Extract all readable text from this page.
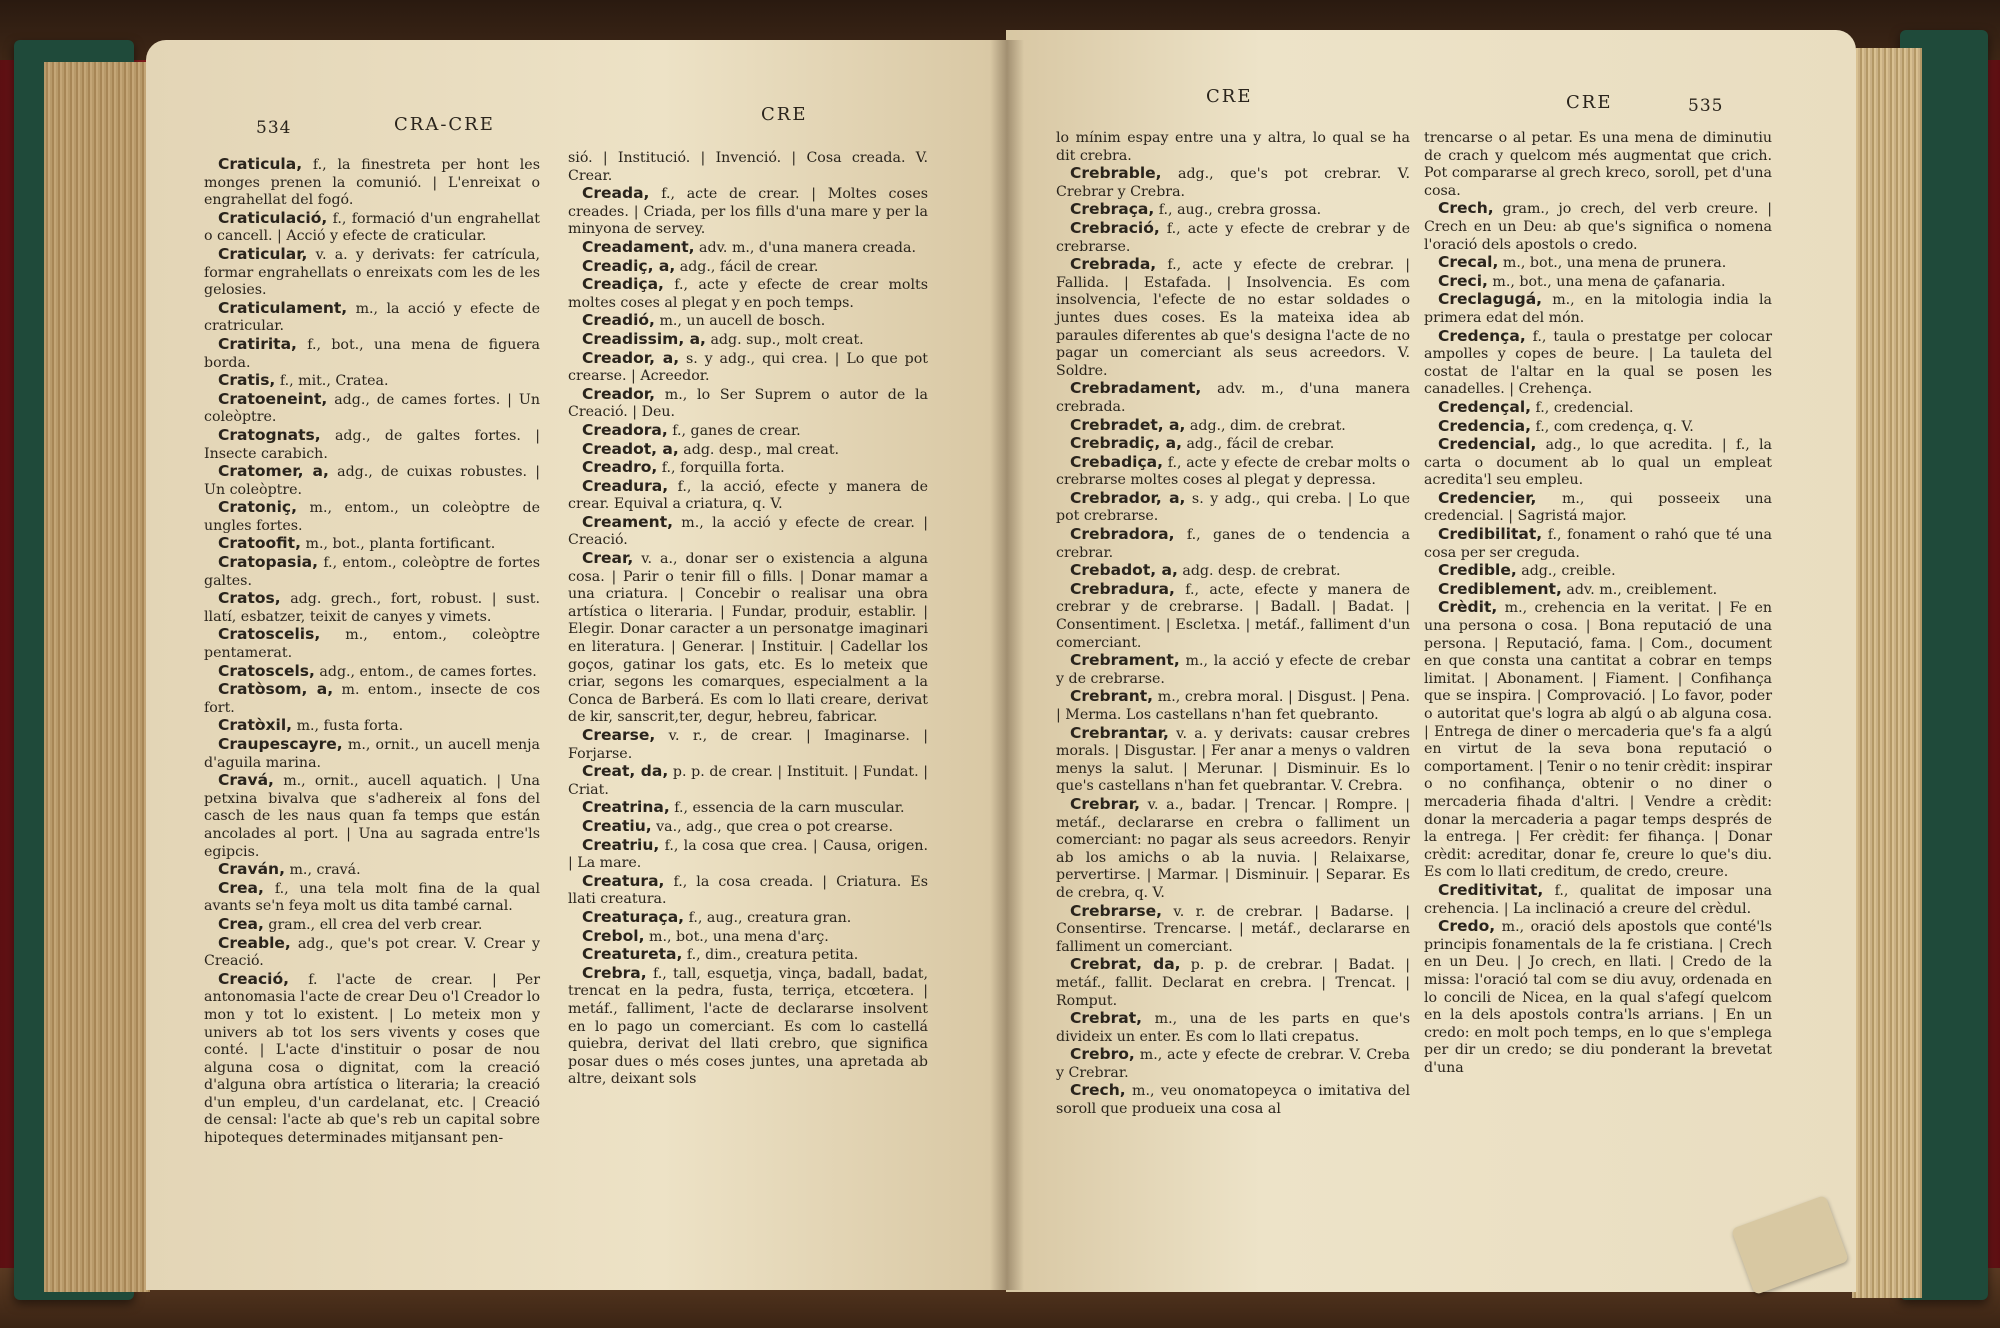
534	CRA-CRE	CRE

Craticula, f., la finestreta per hont les monges prenen la comunió. | L'enreixat o engrahellat del fogó.

Craticulació, f., formació d'un engrahellat o cancell. | Acció y efecte de craticular.

Craticular, v. a. y derivats: fer catrícula, formar engrahellats o enreixats com les de les gelosies.

Craticulament, m., la acció y efecte de cratricular.

Cratirita, f., bot., una mena de figuera borda.

Cratis, f., mit., Cratea.

Cratoeneint, adg., de cames fortes. | Un coleòptre.

Cratognats, adg., de galtes fortes. | Insecte carabich.

Cratomer, a, adg., de cuixas robustes. | Un coleòptre.

Cratoniç, m., entom., un coleòptre de ungles fortes.

Cratoofit, m., bot., planta fortificant.

Cratopasia, f., entom., coleòptre de fortes galtes.

Cratos, adg. grech., fort, robust. | sust. llatí, esbatzer, teixit de canyes y vimets.

Cratoscelis, m., entom., coleòptre pentamerat.

Cratoscels, adg., entom., de cames fortes.

Cratòsom, a, m. entom., insecte de cos fort.

Cratòxil, m., fusta forta.

Craupescayre, m., ornit., un aucell menja d'aguila marina.

Cravá, m., ornit., aucell aquatich. | Una petxina bivalva que s'adhereix al fons del casch de les naus quan fa temps que están ancolades al port. | Una au sagrada entre'ls egipcis.

Craván, m., cravá.

Crea, f., una tela molt fina de la qual avants se'n feya molt us dita també carnal.

Crea, gram., ell crea del verb crear.

Creable, adg., que's pot crear. V. Crear y Creació.

Creació, f. l'acte de crear. | Per antonomasia l'acte de crear Deu o'l Creador lo mon y tot lo existent. | Lo meteix mon y univers ab tot los sers vivents y coses que conté. | L'acte d'instituir o posar de nou alguna cosa o dignitat, com la creació d'alguna obra artística o literaria; la creació d'un empleu, d'un cardelanat, etc. | Creació de censal: l'acte ab que's reb un capital sobre hipoteques determinades mitjansant pen-

sió. | Institució. | Invenció. | Cosa creada. V. Crear.

Creada, f., acte de crear. | Moltes coses creades. | Criada, per los fills d'una mare y per la minyona de servey.

Creadament, adv. m., d'una manera creada.

Creadiç, a, adg., fácil de crear.

Creadiça, f., acte y efecte de crear molts moltes coses al plegat y en poch temps.

Creadió, m., un aucell de bosch.

Creadissim, a, adg. sup., molt creat.

Creador, a, s. y adg., qui crea. | Lo que pot crearse. | Acreedor.

Creador, m., lo Ser Suprem o autor de la Creació. | Deu.

Creadora, f., ganes de crear.

Creadot, a, adg. desp., mal creat.

Creadro, f., forquilla forta.

Creadura, f., la acció, efecte y manera de crear. Equival a criatura, q. V.

Creament, m., la acció y efecte de crear. | Creació.

Crear, v. a., donar ser o existencia a alguna cosa. | Parir o tenir fill o fills. | Donar mamar a una criatura. | Concebir o realisar una obra artística o literaria. | Fundar, produir, establir. | Elegir. Donar caracter a un personatge imaginari en literatura. | Generar. | Instituir. | Cadellar los goços, gatinar los gats, etc. Es lo meteix que criar, segons les comarques, especialment a la Conca de Barberá. Es com lo llati creare, derivat de kir, sanscrit,ter, degur, hebreu, fabricar.

Crearse, v. r., de crear. | Imaginarse. | Forjarse.

Creat, da, p. p. de crear. | Instituit. | Fundat. | Criat.

Creatrina, f., essencia de la carn muscular.

Creatiu, va., adg., que crea o pot crearse.

Creatriu, f., la cosa que crea. | Causa, origen. | La mare.

Creatura, f., la cosa creada. | Criatura. Es llati creatura.

Creaturaça, f., aug., creatura gran.

Crebol, m., bot., una mena d'arç.

Creatureta, f., dim., creatura petita.

Crebra, f., tall, esquetja, vinça, badall, badat, trencat en la pedra, fusta, terriça, etcœtera. | metáf., falliment, l'acte de declararse insolvent en lo pago un comerciant. Es com lo castellá quiebra, derivat del llati crebro, que significa posar dues o més coses juntes, una apretada ab altre, deixant sols

CRE	CRE	535

lo mínim espay entre una y altra, lo qual se ha dit crebra.

Crebrable, adg., que's pot crebrar. V. Crebrar y Crebra.

Crebraça, f., aug., crebra grossa.

Crebració, f., acte y efecte de crebrar y de crebrarse.

Crebrada, f., acte y efecte de crebrar. | Fallida. | Estafada. | Insolvencia. Es com insolvencia, l'efecte de no estar soldades o juntes dues coses. Es la mateixa idea ab paraules diferentes ab que's designa l'acte de no pagar un comerciant als seus acreedors. V. Soldre.

Crebradament, adv. m., d'una manera crebrada.

Crebradet, a, adg., dim. de crebrat.

Crebradiç, a, adg., fácil de crebar.

Crebadiça, f., acte y efecte de crebar molts o crebrarse moltes coses al plegat y depressa.

Crebrador, a, s. y adg., qui creba. | Lo que pot crebrarse.

Crebradora, f., ganes de o tendencia a crebrar.

Crebadot, a, adg. desp. de crebrat.

Crebradura, f., acte, efecte y manera de crebrar y de crebrarse. | Badall. | Badat. | Consentiment. | Escletxa. | metáf., falliment d'un comerciant.

Crebrament, m., la acció y efecte de crebar y de crebrarse.

Crebrant, m., crebra moral. | Disgust. | Pena. | Merma. Los castellans n'han fet quebranto.

Crebrantar, v. a. y derivats: causar crebres morals. | Disgustar. | Fer anar a menys o valdren menys la salut. | Merunar. | Disminuir. Es lo que's castellans n'han fet quebrantar. V. Crebra.

Crebrar, v. a., badar. | Trencar. | Rompre. | metáf., declararse en crebra o falliment un comerciant: no pagar als seus acreedors. Renyir ab los amichs o ab la nuvia. | Relaixarse, pervertirse. | Marmar. | Disminuir. | Separar. Es de crebra, q. V.

Crebrarse, v. r. de crebrar. | Badarse. | Consentirse. Trencarse. | metáf., declararse en falliment un comerciant.

Crebrat, da, p. p. de crebrar. | Badat. | metáf., fallit. Declarat en crebra. | Trencat. | Romput.

Crebrat, m., una de les parts en que's divideix un enter. Es com lo llati crepatus.

Crebro, m., acte y efecte de crebrar. V. Creba y Crebrar.

Crech, m., veu onomatopeyca o imitativa del soroll que produeix una cosa al

trencarse o al petar. Es una mena de diminutiu de crach y quelcom més augmentat que crich. Pot compararse al grech kreco, soroll, pet d'una cosa.

Crech, gram., jo crech, del verb creure. | Crech en un Deu: ab que's significa o nomena l'oració dels apostols o credo.

Crecal, m., bot., una mena de prunera.

Creci, m., bot., una mena de çafanaria.

Creclagugá, m., en la mitologia india la primera edat del món.

Credença, f., taula o prestatge per colocar ampolles y copes de beure. | La tauleta del costat de l'altar en la qual se posen les canadelles. | Crehença.

Credençal, f., credencial.

Credencia, f., com credença, q. V.

Credencial, adg., lo que acredita. | f., la carta o document ab lo qual un empleat acredita'l seu empleu.

Credencier, m., qui posseeix una credencial. | Sagristá major.

Credibilitat, f., fonament o rahó que té una cosa per ser creguda.

Credible, adg., creible.

Crediblement, adv. m., creiblement.

Crèdit, m., crehencia en la veritat. | Fe en una persona o cosa. | Bona reputació de una persona. | Reputació, fama. | Com., document en que consta una cantitat a cobrar en temps limitat. | Abonament. | Fiament. | Confihança que se inspira. | Comprovació. | Lo favor, poder o autoritat que's logra ab algú o ab alguna cosa. | Entrega de diner o mercaderia que's fa a algú en virtut de la seva bona reputació o comportament. | Tenir o no tenir crèdit: inspirar o no confihança, obtenir o no diner o mercaderia fihada d'altri. | Vendre a crèdit: donar la mercaderia a pagar temps després de la entrega. | Fer crèdit: fer fihança. | Donar crèdit: acreditar, donar fe, creure lo que's diu. Es com lo llati creditum, de credo, creure.

Creditivitat, f., qualitat de imposar una crehencia. | La inclinació a creure del crèdul.

Credo, m., oració dels apostols que conté'ls principis fonamentals de la fe cristiana. | Crech en un Deu. | Jo crech, en llati. | Credo de la missa: l'oració tal com se diu avuy, ordenada en lo concili de Nicea, en la qual s'afegí quelcom en la dels apostols contra'ls arrians. | En un credo: en molt poch temps, en lo que s'emplega per dir un credo; se diu ponderant la brevetat d'una
